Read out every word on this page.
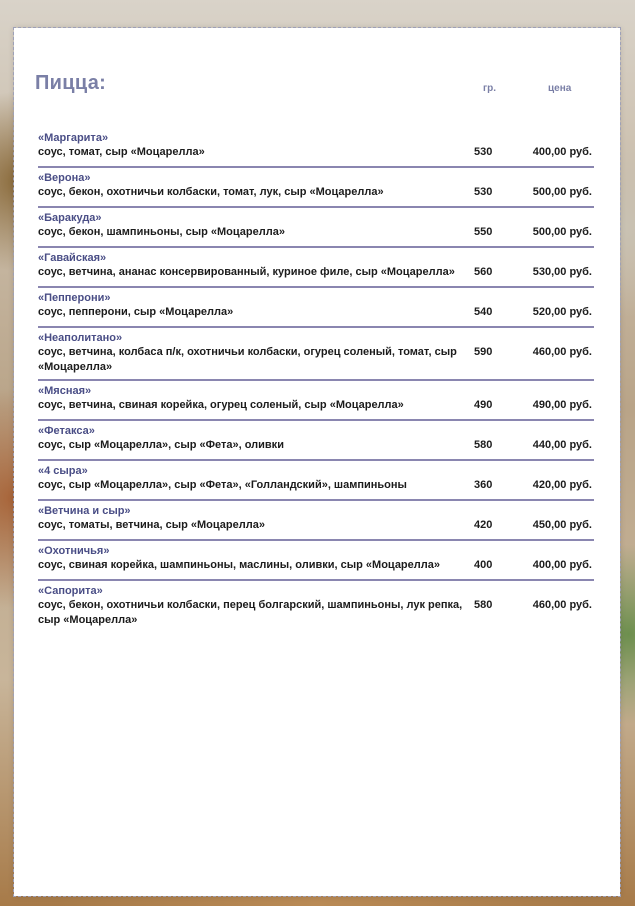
Пицца:	гр.	цена
«Маргарита»
соус, томат, сыр «Моцарелла»	530	400,00 руб.
«Верона»
соус, бекон, охотничьи колбаски, томат, лук, сыр «Моцарелла»	530	500,00 руб.
«Баракуда»
соус, бекон, шампиньоны, сыр «Моцарелла»	550	500,00 руб.
«Гавайская»
соус, ветчина, ананас консервированный, куриное филе, сыр «Моцарелла»	560	530,00 руб.
«Пепперони»
соус, пепперони, сыр «Моцарелла»	540	520,00 руб.
«Неаполитано»
соус, ветчина, колбаса п/к, охотничьи колбаски, огурец соленый, томат, сыр «Моцарелла»
590	460,00 руб.
«Мясная»
соус, ветчина, свиная корейка, огурец соленый, сыр «Моцарелла»	490	490,00 руб.
«Фетакса»
соус, сыр «Моцарелла», сыр «Фета», оливки	580	440,00 руб.
«4 сыра»
соус, сыр «Моцарелла», сыр «Фета», «Голландский», шампиньоны	360	420,00 руб.
«Ветчина и сыр»
соус, томаты, ветчина, сыр «Моцарелла»	420	450,00 руб.
«Охотничья»
соус, свиная корейка, шампиньоны, маслины, оливки, сыр «Моцарелла»	400	400,00 руб.
«Сапорита»
соус, бекон, охотничьи колбаски, перец болгарский, шампиньоны, лук репка, сыр «Моцарелла»
580	460,00 руб.
